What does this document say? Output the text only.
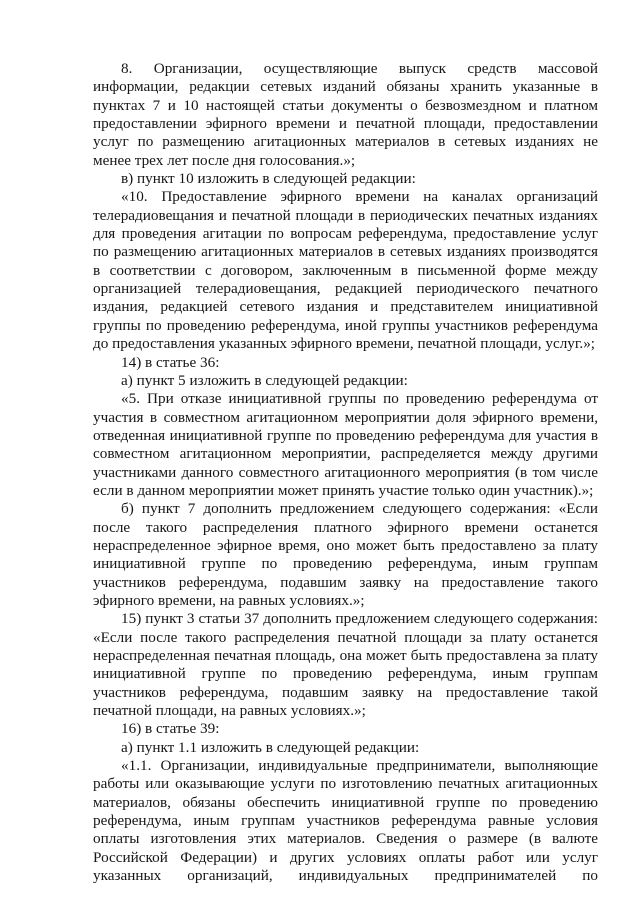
8. Организации, осуществляющие выпуск средств массовой информации, редакции сетевых изданий обязаны хранить указанные в пунктах 7 и 10 настоящей статьи документы о безвозмездном и платном предоставлении эфирного времени и печатной площади, предоставлении услуг по размещению агитационных материалов в сетевых изданиях не менее трех лет после дня голосования.»;

в) пункт 10 изложить в следующей редакции:

«10. Предоставление эфирного времени на каналах организаций телерадиовещания и печатной площади в периодических печатных изданиях для проведения агитации по вопросам референдума, предоставление услуг по размещению агитационных материалов в сетевых изданиях производятся в соответствии с договором, заключенным в письменной форме между организацией телерадиовещания, редакцией периодического печатного издания, редакцией сетевого издания и представителем инициативной группы по проведению референдума, иной группы участников референдума до предоставления указанных эфирного времени, печатной площади, услуг.»;

14) в статье 36:

а) пункт 5 изложить в следующей редакции:

«5. При отказе инициативной группы по проведению референдума от участия в совместном агитационном мероприятии доля эфирного времени, отведенная инициативной группе по проведению референдума для участия в совместном агитационном мероприятии, распределяется между другими участниками данного совместного агитационного мероприятия (в том числе если в данном мероприятии может принять участие только один участник).»;

б) пункт 7 дополнить предложением следующего содержания: «Если после такого распределения платного эфирного времени останется нераспределенное эфирное время, оно может быть предоставлено за плату инициативной группе по проведению референдума, иным группам участников референдума, подавшим заявку на предоставление такого эфирного времени, на равных условиях.»;

15) пункт 3 статьи 37 дополнить предложением следующего содержания: «Если после такого распределения печатной площади за плату останется нераспределенная печатная площадь, она может быть предоставлена за плату инициативной группе по проведению референдума, иным группам участников референдума, подавшим заявку на предоставление такой печатной площади, на равных условиях.»;

16) в статье 39:

а) пункт 1.1 изложить в следующей редакции:

«1.1. Организации, индивидуальные предприниматели, выполняющие работы или оказывающие услуги по изготовлению печатных агитационных материалов, обязаны обеспечить инициативной группе по проведению референдума, иным группам участников референдума равные условия оплаты изготовления этих материалов. Сведения о размере (в валюте Российской Федерации) и других условиях оплаты работ или услуг указанных организаций, индивидуальных предпринимателей по
